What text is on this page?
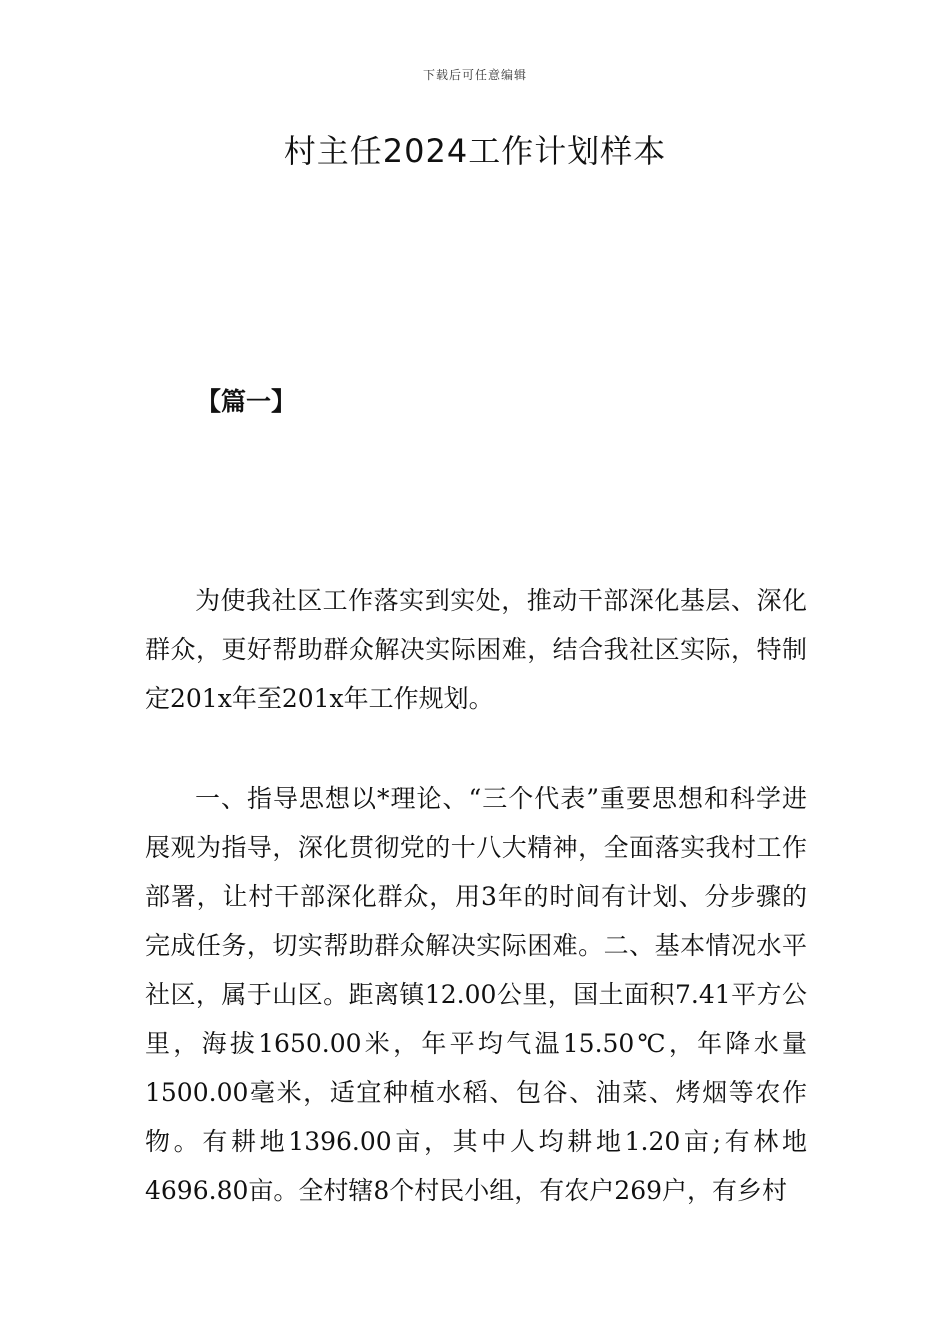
下载后可任意编辑
村主任2024工作计划样本
【篇一】

为使我社区工作落实到实处，推动干部深化基层、深化群众，更好帮助群众解决实际困难，结合我社区实际，特制定201x年至201x年工作规划。

一、指导思想以*理论、“三个代表”重要思想和科学进展观为指导，深化贯彻党的十八大精神，全面落实我村工作部署，让村干部深化群众，用3年的时间有计划、分步骤的完成任务，切实帮助群众解决实际困难。二、基本情况水平社区，属于山区。距离镇12.00公里，国土面积7.41平方公里，海拔1650.00米，年平均气温15.50℃，年降水量1500.00毫米，适宜种植水稻、包谷、油菜、烤烟等农作物。有耕地1396.00亩，其中人均耕地1.20亩;有林地4696.80亩。全村辖8个村民小组，有农户269户，有乡村
